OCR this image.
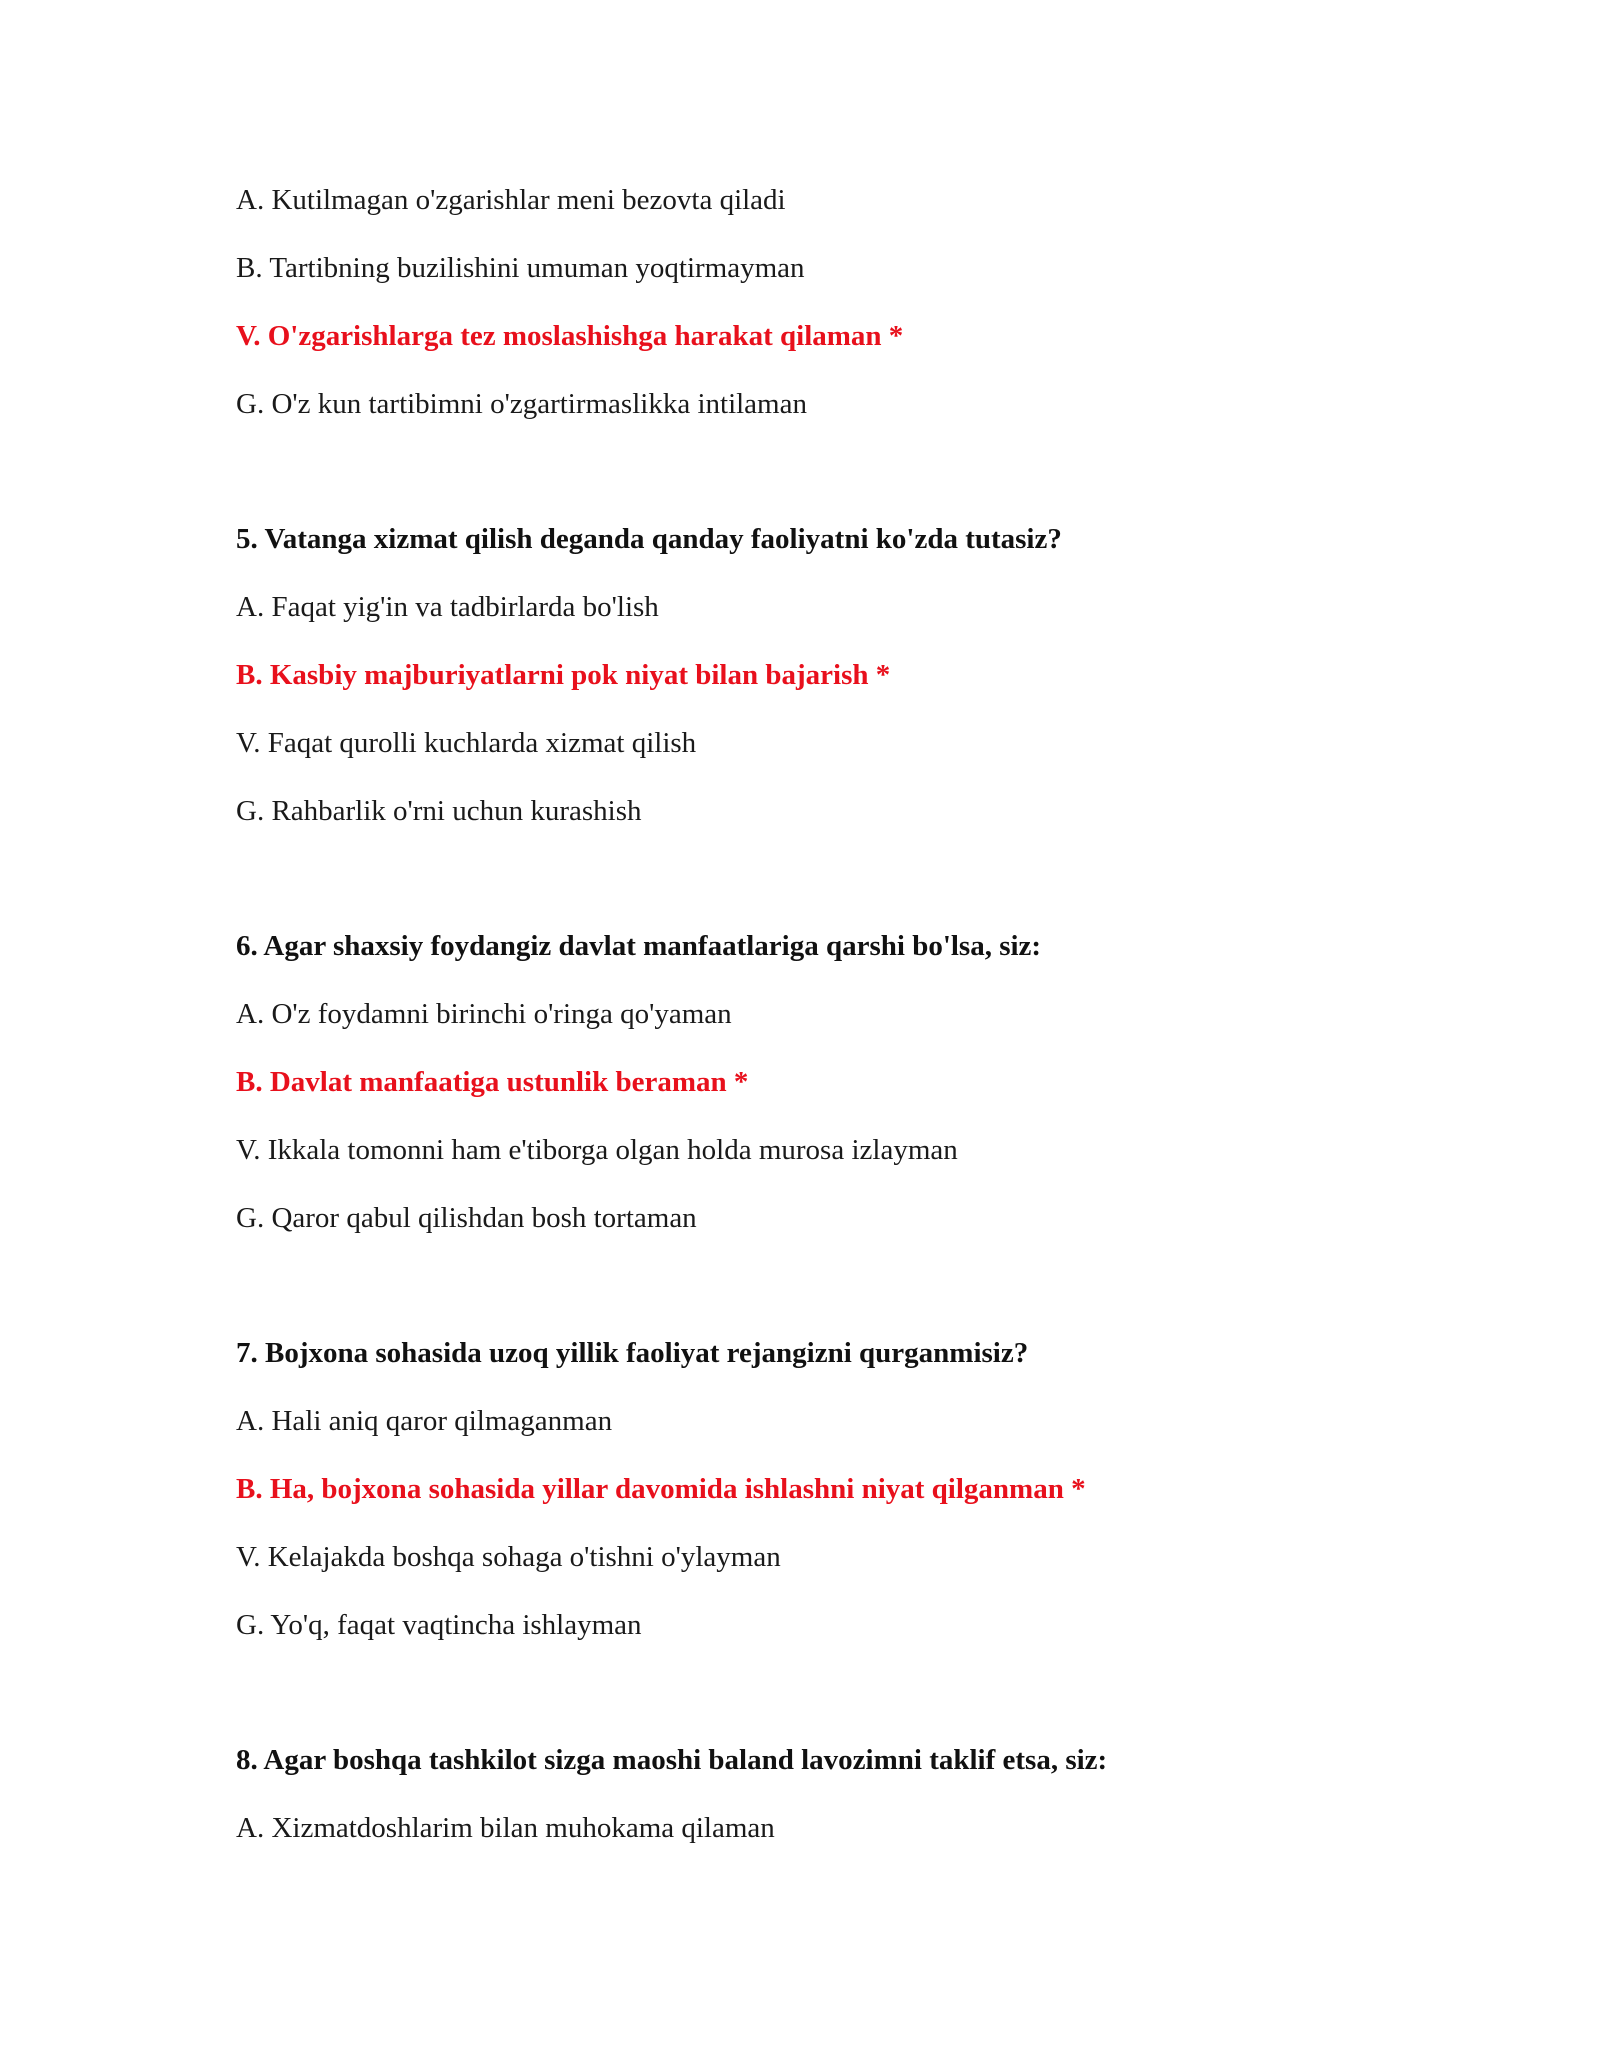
A. Kutilmagan o'zgarishlar meni bezovta qiladi
B. Tartibning buzilishini umuman yoqtirmayman
V. O'zgarishlarga tez moslashishga harakat qilaman *
G. O'z kun tartibimni o'zgartirmaslikka intilaman
5. Vatanga xizmat qilish deganda qanday faoliyatni ko'zda tutasiz?
A. Faqat yig'in va tadbirlarda bo'lish
B. Kasbiy majburiyatlarni pok niyat bilan bajarish *
V. Faqat qurolli kuchlarda xizmat qilish
G. Rahbarlik o'rni uchun kurashish
6. Agar shaxsiy foydangiz davlat manfaatlariga qarshi bo'lsa, siz:
A. O'z foydamni birinchi o'ringa qo'yaman
B. Davlat manfaatiga ustunlik beraman *
V. Ikkala tomonni ham e'tiborga olgan holda murosa izlayman
G. Qaror qabul qilishdan bosh tortaman
7. Bojxona sohasida uzoq yillik faoliyat rejangizni qurganmisiz?
A. Hali aniq qaror qilmaganman
B. Ha, bojxona sohasida yillar davomida ishlashni niyat qilganman *
V. Kelajakda boshqa sohaga o'tishni o'ylayman
G. Yo'q, faqat vaqtincha ishlayman
8. Agar boshqa tashkilot sizga maoshi baland lavozimni taklif etsa, siz:
A. Xizmatdoshlarim bilan muhokama qilaman
